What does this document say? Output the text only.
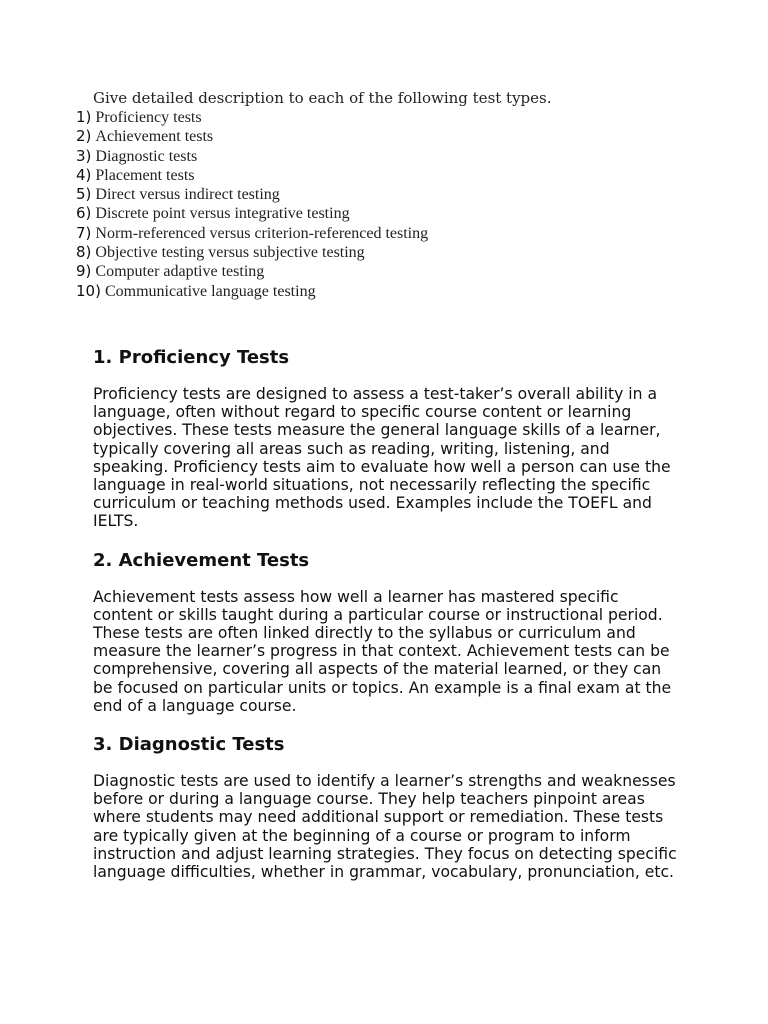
Give detailed description to each of the following test types.
1) Proficiency tests
2) Achievement tests
3) Diagnostic tests
4) Placement tests
5) Direct versus indirect testing
6) Discrete point versus integrative testing
7) Norm-referenced versus criterion-referenced testing
8) Objective testing versus subjective testing
9) Computer adaptive testing
10) Communicative language testing
1. Proficiency Tests

Proficiency tests are designed to assess a test-taker’s overall ability in a language, often without regard to specific course content or learning objectives. These tests measure the general language skills of a learner, typically covering all areas such as reading, writing, listening, and speaking. Proficiency tests aim to evaluate how well a person can use the language in real-world situations, not necessarily reflecting the specific curriculum or teaching methods used. Examples include the TOEFL and IELTS.

2. Achievement Tests

Achievement tests assess how well a learner has mastered specific content or skills taught during a particular course or instructional period. These tests are often linked directly to the syllabus or curriculum and measure the learner’s progress in that context. Achievement tests can be comprehensive, covering all aspects of the material learned, or they can be focused on particular units or topics. An example is a final exam at the end of a language course.

3. Diagnostic Tests

Diagnostic tests are used to identify a learner’s strengths and weaknesses before or during a language course. They help teachers pinpoint areas where students may need additional support or remediation. These tests are typically given at the beginning of a course or program to inform instruction and adjust learning strategies. They focus on detecting specific language difficulties, whether in grammar, vocabulary, pronunciation, etc.
